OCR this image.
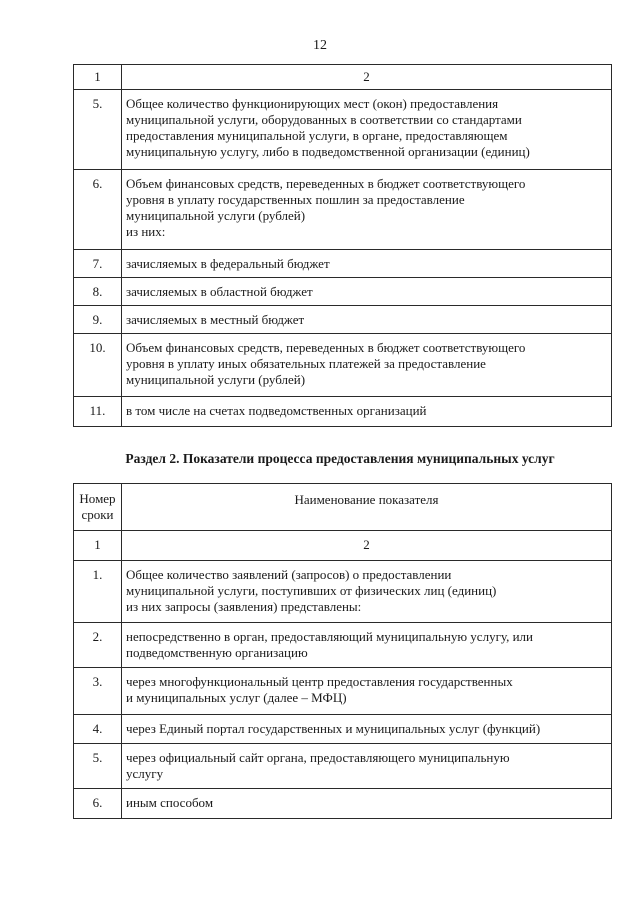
12
1	2
5.	Общее количество функционирующих мест (окон) предоставления
муниципальной услуги, оборудованных в соответствии со стандартами
предоставления муниципальной услуги, в органе, предоставляющем
муниципальную услугу, либо в подведомственной организации (единиц)

6.	Объем финансовых средств, переведенных в бюджет соответствующего
уровня в уплату государственных пошлин за предоставление
муниципальной услуги (рублей)
из них:

7.	зачисляемых в федеральный бюджет

8.	зачисляемых в областной бюджет

9.	зачисляемых в местный бюджет

10.	Объем финансовых средств, переведенных в бюджет соответствующего
уровня в уплату иных обязательных платежей за предоставление
муниципальной услуги (рублей)

11.	в том числе на счетах подведомственных организаций
Раздел 2. Показатели процесса предоставления муниципальных услуг
Номер
сроки	Наименование показателя
1	2
1.	Общее количество заявлений (запросов) о предоставлении
муниципальной услуги, поступивших от физических лиц (единиц)
из них запросы (заявления) представлены:

2.	непосредственно в орган, предоставляющий муниципальную услугу, или
подведомственную организацию

3.	через многофункциональный центр предоставления государственных
и муниципальных услуг (далее – МФЦ)

4.	через Единый портал государственных и муниципальных услуг (функций)

5.	через официальный сайт органа, предоставляющего муниципальную
услугу

6.	иным способом
